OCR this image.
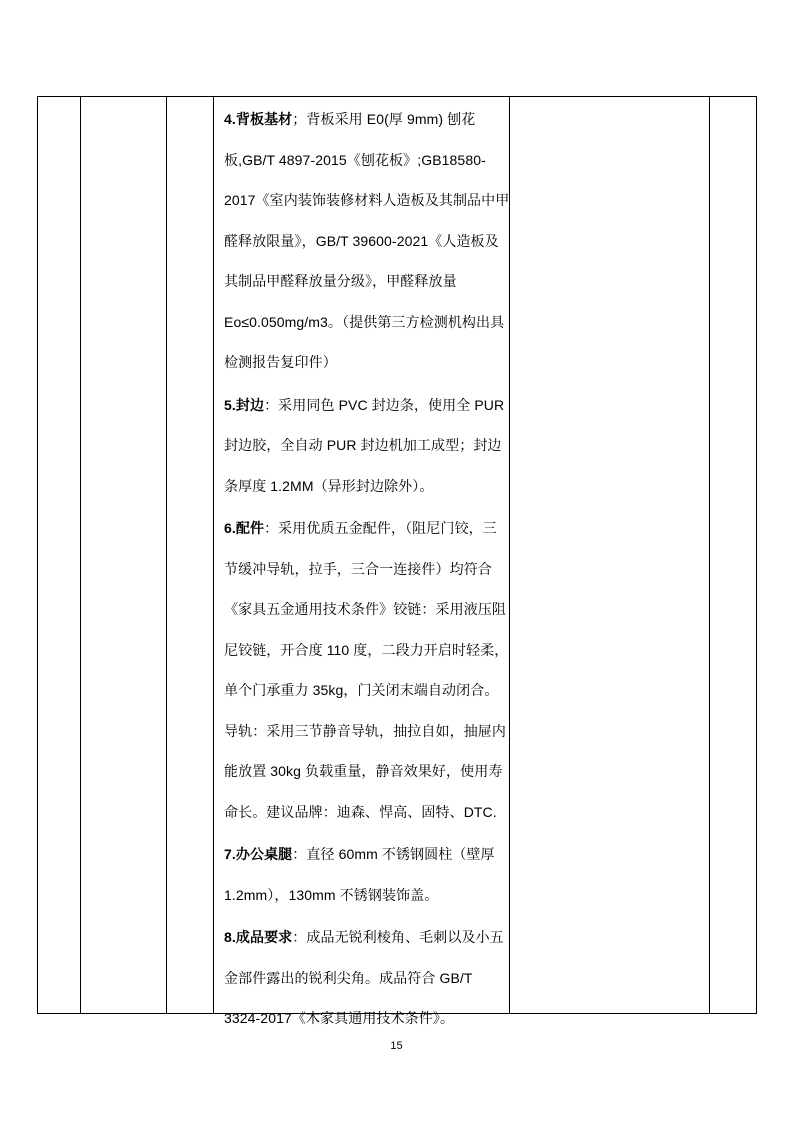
4.背板基材；背板采用 E0(厚 9mm) 刨花板,GB/T 4897-2015《刨花板》;GB18580-2017《室内装饰装修材料人造板及其制品中甲醛释放限量》，GB/T 39600-2021《人造板及其制品甲醛释放量分级》，甲醛释放量 Eo≤0.050mg/m3。（提供第三方检测机构出具检测报告复印件）

5.封边：采用同色 PVC 封边条，使用全 PUR 封边胶，全自动 PUR 封边机加工成型；封边条厚度 1.2MM（异形封边除外）。

6.配件：采用优质五金配件，（阻尼门铰，三节缓冲导轨，拉手，三合一连接件）均符合《家具五金通用技术条件》铰链：采用液压阻尼铰链，开合度 110 度，二段力开启时轻柔，单个门承重力 35kg，门关闭末端自动闭合。导轨：采用三节静音导轨，抽拉自如，抽屉内能放置 30kg 负载重量，静音效果好，使用寿命长。建议品牌：迪森、悍高、固特、DTC.

7.办公桌腿：直径 60mm 不锈钢圆柱（壁厚 1.2mm），130mm 不锈钢装饰盖。

8.成品要求：成品无锐利棱角、毛刺以及小五金部件露出的锐利尖角。成品符合 GB/T 3324-2017《木家具通用技术条件》。

15
